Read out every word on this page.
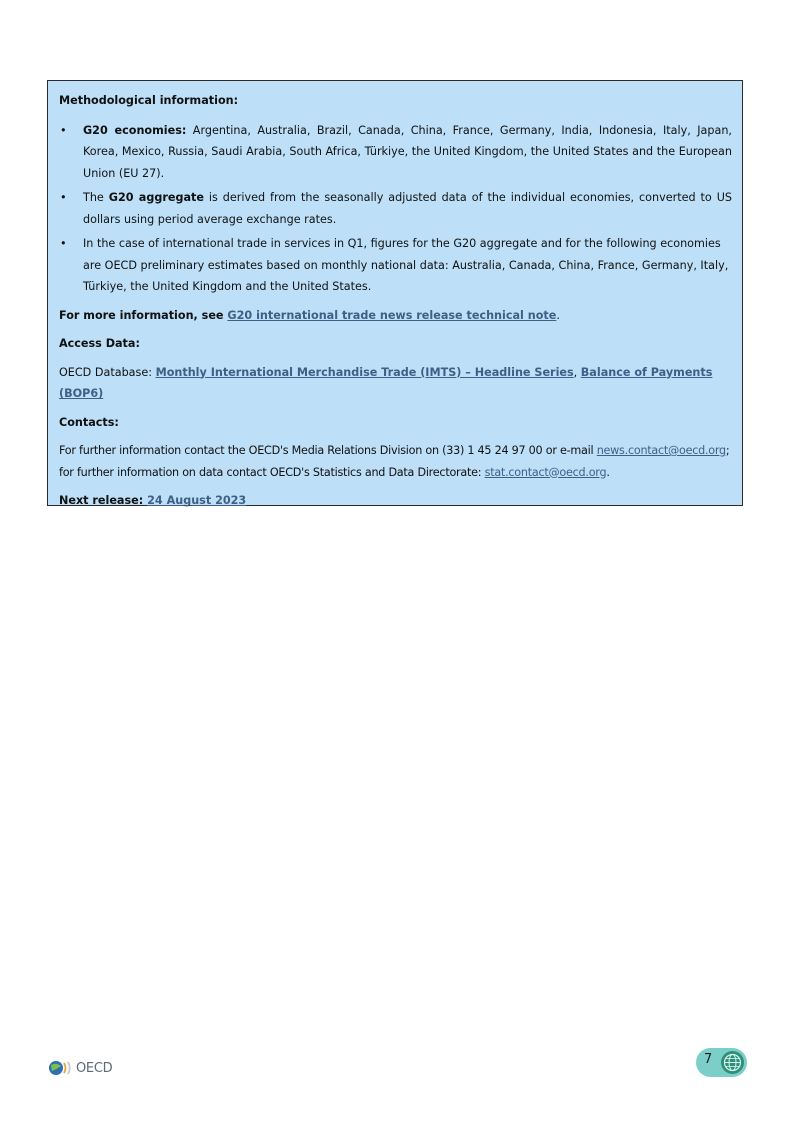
Methodological information:

• G20 economies: Argentina, Australia, Brazil, Canada, China, France, Germany, India, Indonesia, Italy, Japan, Korea, Mexico, Russia, Saudi Arabia, South Africa, Türkiye, the United Kingdom, the United States and the European Union (EU 27).
• The G20 aggregate is derived from the seasonally adjusted data of the individual economies, converted to US dollars using period average exchange rates.
• In the case of international trade in services in Q1, figures for the G20 aggregate and for the following economies are OECD preliminary estimates based on monthly national data: Australia, Canada, China, France, Germany, Italy, Türkiye, the United Kingdom and the United States.

For more information, see G20 international trade news release technical note.

Access Data:

OECD Database: Monthly International Merchandise Trade (IMTS) – Headline Series, Balance of Payments (BOP6)

Contacts:

For further information contact the OECD's Media Relations Division on (33) 1 45 24 97 00 or e-mail news.contact@oecd.org;
for further information on data contact OECD's Statistics and Data Directorate: stat.contact@oecd.org.

Next release: 24 August 2023

OECD
7
